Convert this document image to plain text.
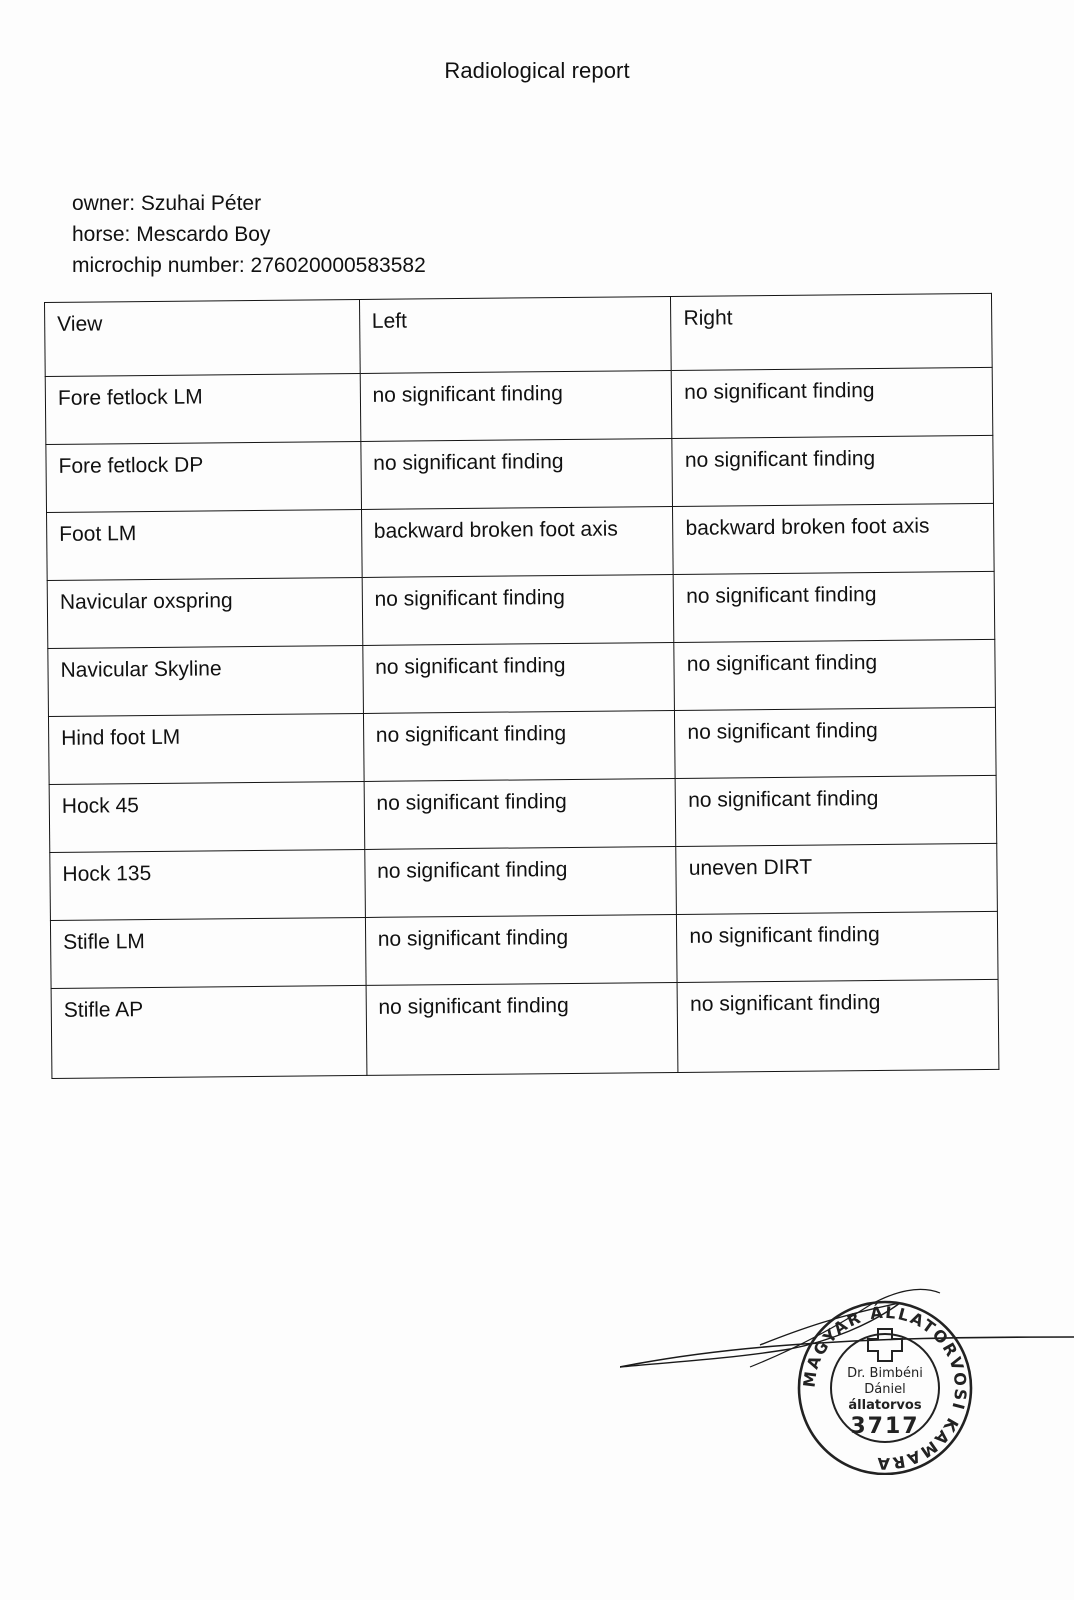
Radiological report
owner: Szuhai Péter
horse: Mescardo Boy
microchip number: 276020000583582
View	Left	Right
Fore fetlock LM	no significant finding	no significant finding
Fore fetlock DP	no significant finding	no significant finding
Foot LM	backward broken foot axis	backward broken foot axis
Navicular oxspring	no significant finding	no significant finding
Navicular Skyline	no significant finding	no significant finding
Hind foot LM	no significant finding	no significant finding
Hock 45	no significant finding	no significant finding
Hock 135	no significant finding	uneven DIRT
Stifle LM	no significant finding	no significant finding
Stifle AP	no significant finding	no significant finding
MAGYAR ÁLLATORVOSI KAMARA
Dr. Bimbéni
Dániel
állatorvos
3717
